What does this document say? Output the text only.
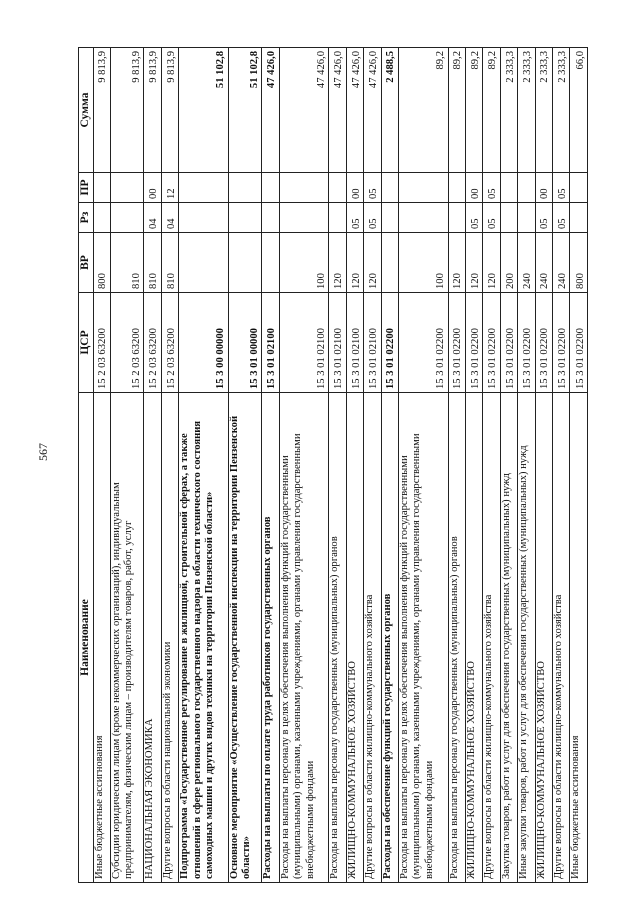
567
Наименование	ЦСР	ВР	Рз	ПР	Сумма
Иные бюджетные ассигнования	15 2 03 63200	800			9 813,9
Субсидии юридическим лицам (кроме некоммерческих организаций), индивидуальным предпринимателям, физическим лицам – производителям товаров, работ, услуг	15 2 03 63200	810			9 813,9
НАЦИОНАЛЬНАЯ ЭКОНОМИКА	15 2 03 63200	810	04	00	9 813,9
Другие вопросы в области национальной экономики	15 2 03 63200	810	04	12	9 813,9
Подпрограмма «Государственное регулирование в жилищной, строительной сферах, а также отношений в сфере регионального государственного надзора в области технического состояния самоходных машин и других видов техники на территории Пензенской области»	15 3 00 00000				51 102,8
Основное мероприятие «Осуществление государственной инспекции на территории Пензенской области»	15 3 01 00000				51 102,8
Расходы на выплаты по оплате труда работников государственных органов	15 3 01 02100				47 426,0
Расходы на выплаты персоналу в целях обеспечения выполнения функций государственными (муниципальными) органами, казенными учреждениями, органами управления государственными внебюджетными фондами	15 3 01 02100	100			47 426,0
Расходы на выплаты персоналу государственных (муниципальных) органов	15 3 01 02100	120			47 426,0
ЖИЛИЩНО-КОММУНАЛЬНОЕ ХОЗЯЙСТВО	15 3 01 02100	120	05	00	47 426,0
Другие вопросы в области жилищно-коммунального хозяйства	15 3 01 02100	120	05	05	47 426,0
Расходы на обеспечение функций государственных органов	15 3 01 02200				2 488,5
Расходы на выплаты персоналу в целях обеспечения выполнения функций государственными (муниципальными) органами, казенными учреждениями, органами управления государственными внебюджетными фондами	15 3 01 02200	100			89,2
Расходы на выплаты персоналу государственных (муниципальных) органов	15 3 01 02200	120			89,2
ЖИЛИЩНО-КОММУНАЛЬНОЕ ХОЗЯЙСТВО	15 3 01 02200	120	05	00	89,2
Другие вопросы в области жилищно-коммунального хозяйства	15 3 01 02200	120	05	05	89,2
Закупка товаров, работ и услуг для обеспечения государственных (муниципальных) нужд	15 3 01 02200	200			2 333,3
Иные закупки товаров, работ и услуг для обеспечения государственных (муниципальных) нужд	15 3 01 02200	240			2 333,3
ЖИЛИЩНО-КОММУНАЛЬНОЕ ХОЗЯЙСТВО	15 3 01 02200	240	05	00	2 333,3
Другие вопросы в области жилищно-коммунального хозяйства	15 3 01 02200	240	05	05	2 333,3
Иные бюджетные ассигнования	15 3 01 02200	800			66,0
